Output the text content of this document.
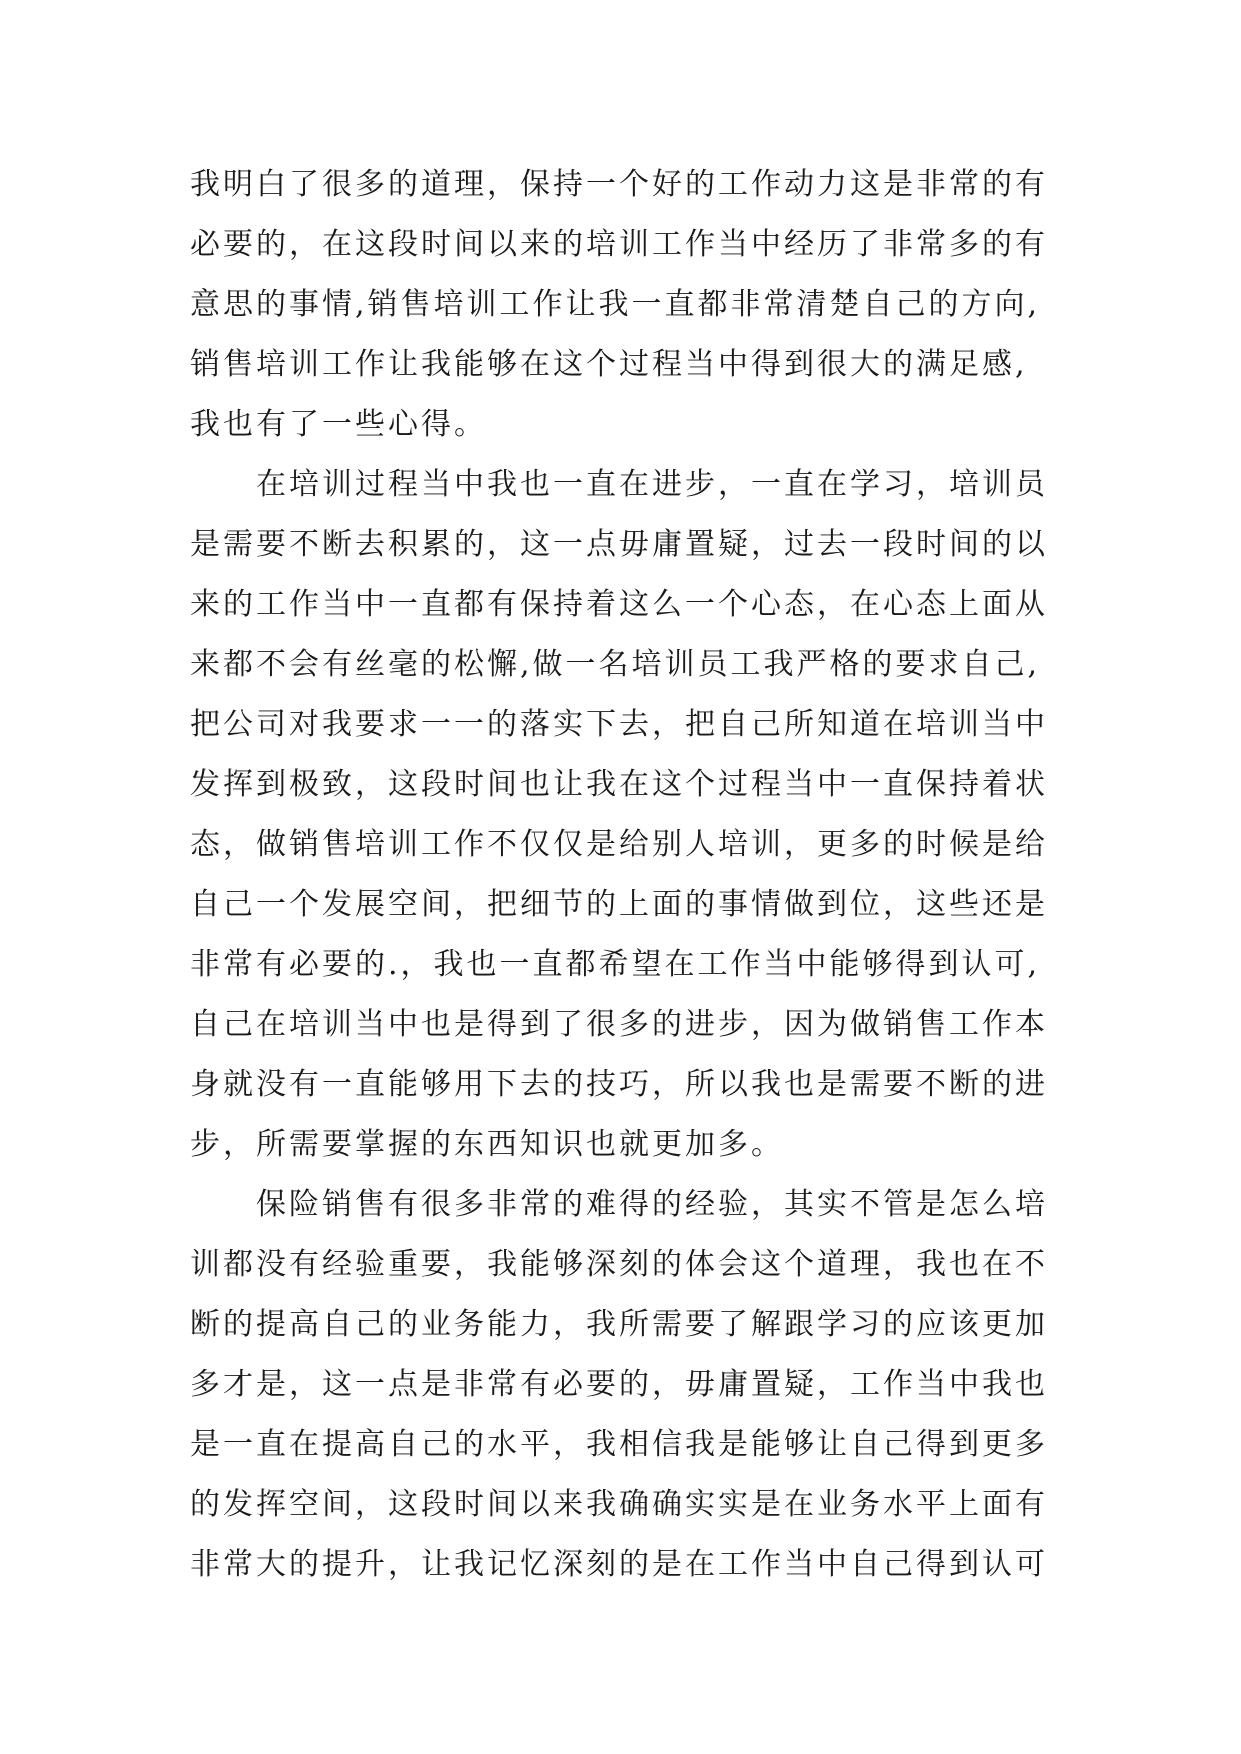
我明白了很多的道理，保持一个好的工作动力这是非常的有
必要的，在这段时间以来的培训工作当中经历了非常多的有
意思的事情,销售培训工作让我一直都非常清楚自己的方向,
销售培训工作让我能够在这个过程当中得到很大的满足感,
我也有了一些心得。
在培训过程当中我也一直在进步，一直在学习，培训员
是需要不断去积累的，这一点毋庸置疑，过去一段时间的以
来的工作当中一直都有保持着这么一个心态，在心态上面从
来都不会有丝毫的松懈,做一名培训员工我严格的要求自己,
把公司对我要求一一的落实下去，把自己所知道在培训当中
发挥到极致，这段时间也让我在这个过程当中一直保持着状
态，做销售培训工作不仅仅是给别人培训，更多的时候是给
自己一个发展空间，把细节的上面的事情做到位，这些还是
非常有必要的.，我也一直都希望在工作当中能够得到认可,
自己在培训当中也是得到了很多的进步，因为做销售工作本
身就没有一直能够用下去的技巧，所以我也是需要不断的进
步，所需要掌握的东西知识也就更加多。
保险销售有很多非常的难得的经验，其实不管是怎么培
训都没有经验重要，我能够深刻的体会这个道理，我也在不
断的提高自己的业务能力，我所需要了解跟学习的应该更加
多才是，这一点是非常有必要的，毋庸置疑，工作当中我也
是一直在提高自己的水平，我相信我是能够让自己得到更多
的发挥空间，这段时间以来我确确实实是在业务水平上面有
非常大的提升，让我记忆深刻的是在工作当中自己得到认可
